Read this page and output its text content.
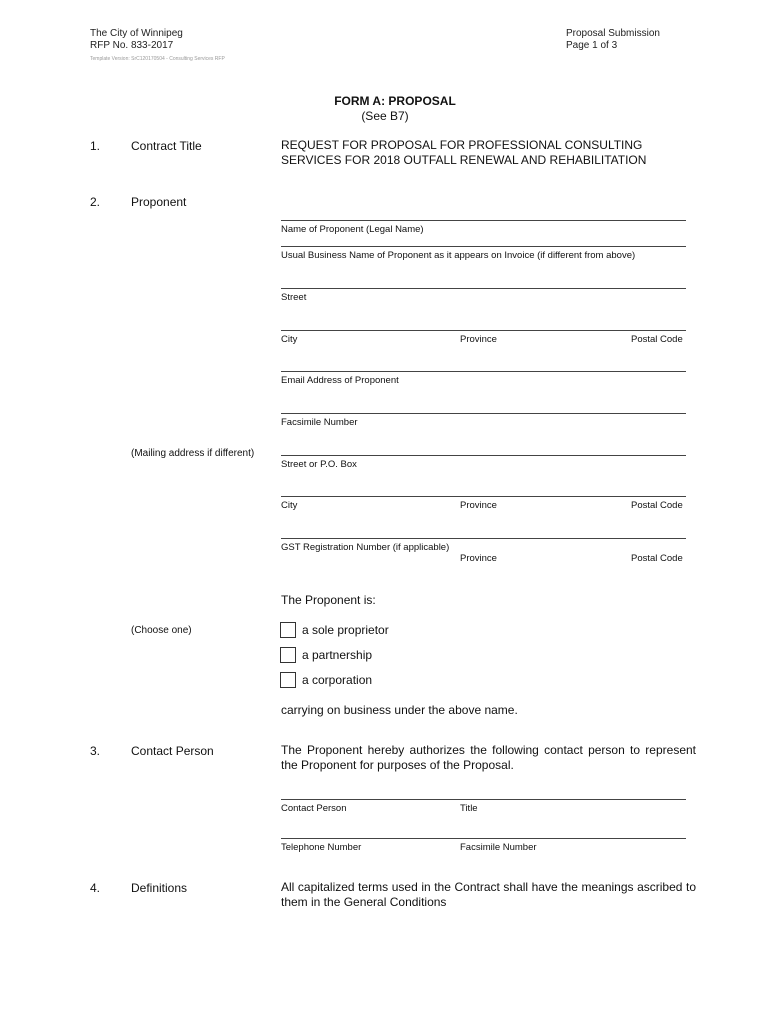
The City of Winnipeg
RFP No. 833-2017
Template Version: SrC120170504 - Consulting Services RFP
Proposal Submission
Page 1 of 3
FORM A: PROPOSAL
(See B7)
1.	Contract Title	REQUEST FOR PROPOSAL FOR PROFESSIONAL CONSULTING
SERVICES FOR 2018 OUTFALL RENEWAL AND REHABILITATION
2.	Proponent
Name of Proponent (Legal Name)
Usual Business Name of Proponent as it appears on Invoice (if different from above)
Street
City	Province	Postal Code
Email Address of Proponent
Facsimile Number
(Mailing address if different)
Street or P.O. Box
City	Province	Postal Code
GST Registration Number (if applicable)
Province	Postal Code
The Proponent is:
(Choose one)	a sole proprietor
a partnership
a corporation
carrying on business under the above name.
3.	Contact Person	The Proponent hereby authorizes the following contact person to represent the Proponent for purposes of the Proposal.
Contact Person	Title
Telephone Number	Facsimile Number
4.	Definitions	All capitalized terms used in the Contract shall have the meanings ascribed to them in the General Conditions
